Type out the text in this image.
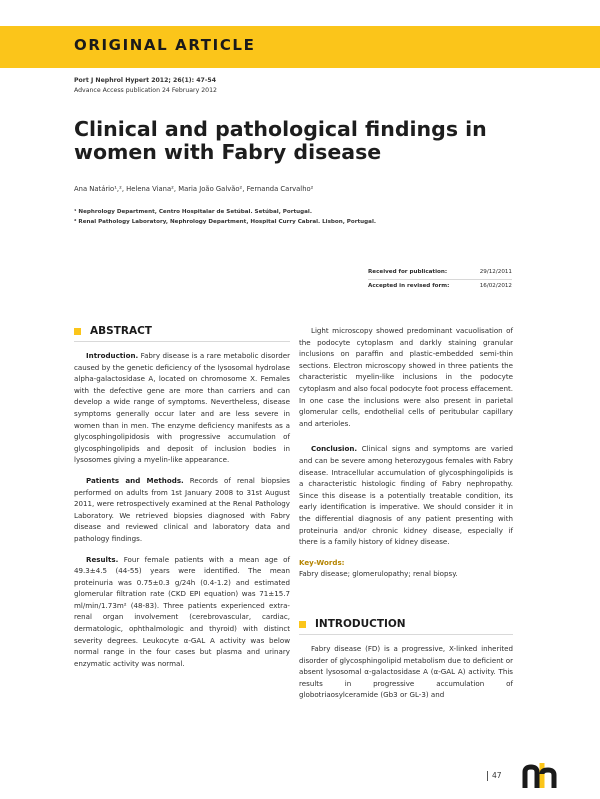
ORIGINAL ARTICLE
Port J Nephrol Hypert 2012; 26(1): 47-54
Advance Access publication 24 February 2012
Clinical and pathological findings in women with Fabry disease
Ana Natário¹,², Helena Viana², Maria João Galvão², Fernanda Carvalho²
¹ Nephrology Department, Centro Hospitalar de Setúbal. Setúbal, Portugal.
² Renal Pathology Laboratory, Nephrology Department, Hospital Curry Cabral. Lisbon, Portugal.
Received for publication:	29/12/2011
Accepted in revised form:	16/02/2012
ABSTRACT

Introduction. Fabry disease is a rare metabolic disorder caused by the genetic deficiency of the lysosomal hydrolase alpha-galactosidase A, located on chromosome X. Females with the defective gene are more than carriers and can develop a wide range of symptoms. Nevertheless, disease symptoms generally occur later and are less severe in women than in men. The enzyme deficiency manifests as a glycosphingolipidosis with progressive accumulation of glycosphingolipids and deposit of inclusion bodies in lysosomes giving a myelin-like appearance.

Patients and Methods. Records of renal biopsies performed on adults from 1st January 2008 to 31st August 2011, were retrospectively examined at the Renal Pathology Laboratory. We retrieved biopsies diagnosed with Fabry disease and reviewed clinical and laboratory data and pathology findings.

Results. Four female patients with a mean age of 49.3±4.5 (44-55) years were identified. The mean proteinuria was 0.75±0.3 g/24h (0.4-1.2) and estimated glomerular filtration rate (CKD EPI equation) was 71±15.7 ml/min/1.73m² (48-83). Three patients experienced extra-renal organ involvement (cerebrovascular, cardiac, dermatologic, ophthalmologic and thyroid) with distinct severity degrees. Leukocyte α-GAL A activity was below normal range in the four cases but plasma and urinary enzymatic activity was normal.

Light microscopy showed predominant vacuolisation of the podocyte cytoplasm and darkly staining granular inclusions on paraffin and plastic-embedded semi-thin sections. Electron microscopy showed in three patients the characteristic myelin-like inclusions in the podocyte cytoplasm and also focal podocyte foot process effacement. In one case the inclusions were also present in parietal glomerular cells, endothelial cells of peritubular capillary and arterioles.

Conclusion. Clinical signs and symptoms are varied and can be severe among heterozygous females with Fabry disease. Intracellular accumulation of glycosphingolipids is a characteristic histologic finding of Fabry nephropathy. Since this disease is a potentially treatable condition, its early identification is imperative. We should consider it in the differential diagnosis of any patient presenting with proteinuria and/or chronic kidney disease, especially if there is a family history of kidney disease.

Key-Words:
Fabry disease; glomerulopathy; renal biopsy.
INTRODUCTION

Fabry disease (FD) is a progressive, X-linked inherited disorder of glycosphingolipid metabolism due to deficient or absent lysosomal α-galactosidase A (α-GAL A) activity. This results in progressive accumulation of globotriaosylceramide (Gb3 or GL-3) and

47
